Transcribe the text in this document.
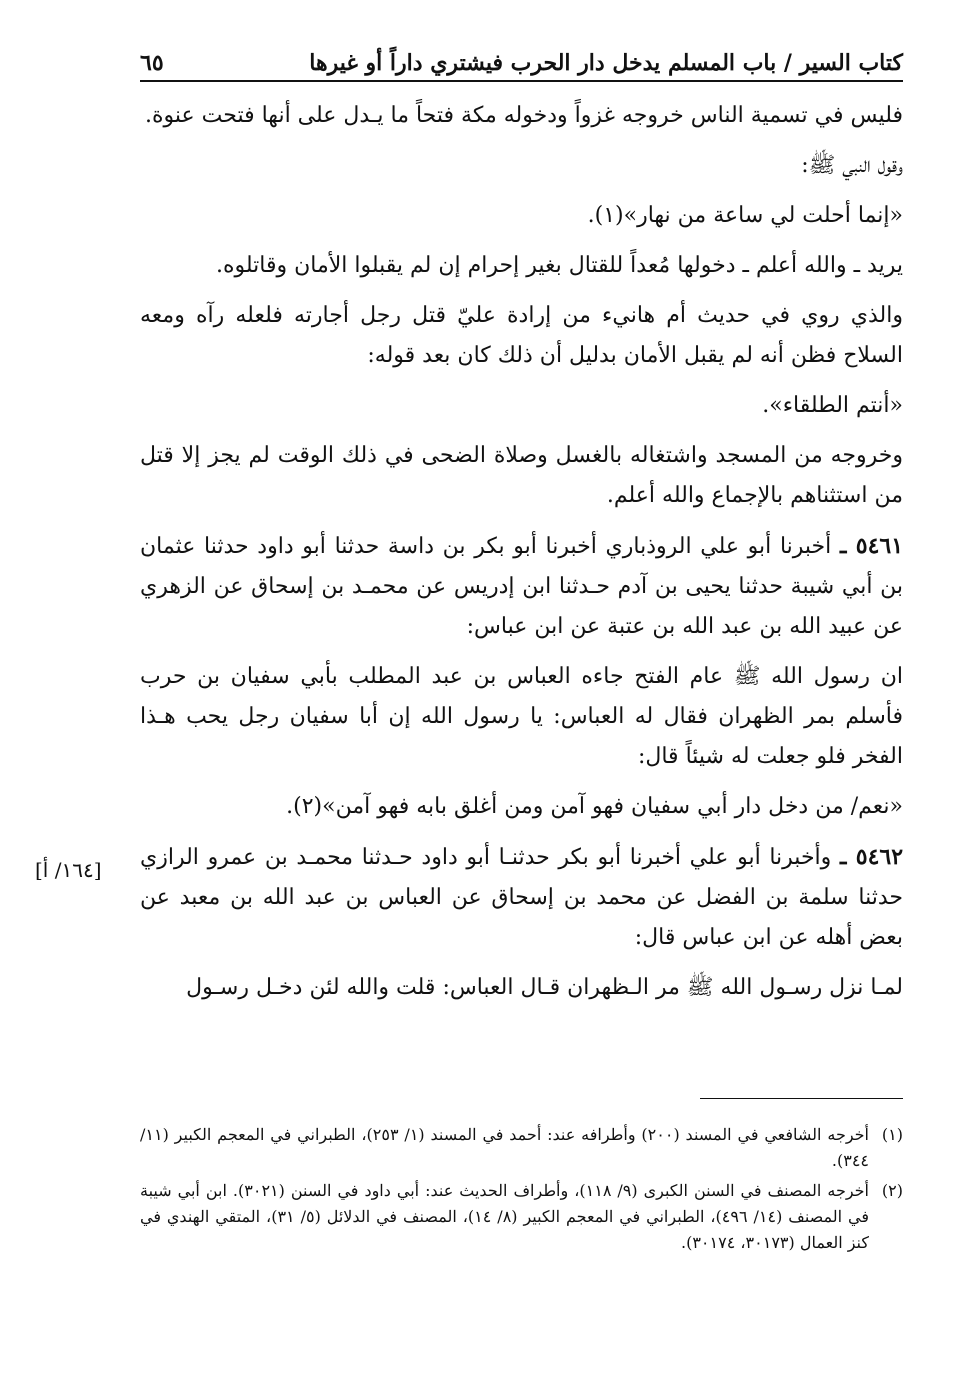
٦٥	كتاب السير / باب المسلم يدخل دار الحرب فيشتري داراً أو غيرها

فليس في تسمية الناس خروجه غزواً ودخوله مكة فتحاً ما يـدل على أنها فتحت عنوة.

وقول النبي ﷺ:

«إنما أحلت لي ساعة من نهار»(١).

يريد ـ والله أعلم ـ دخولها مُعداً للقتال بغير إحرام إن لم يقبلوا الأمان وقاتلوه.

والذي روي في حديث أم هانيء من إرادة عليّ قتل رجل أجارته فلعله رآه ومعه السلاح فظن أنه لم يقبل الأمان بدليل أن ذلك كان بعد قوله:

«أنتم الطلقاء».

وخروجه من المسجد واشتغاله بالغسل وصلاة الضحى في ذلك الوقت لم يجز إلا قتل من استثناهم بالإجماع والله أعلم.

٥٤٦١ ـ أخبرنا أبو علي الروذباري أخبرنا أبو بكر بن داسة حدثنا أبو داود حدثنا عثمان بن أبي شيبة حدثنا يحيى بن آدم حـدثنا ابن إدريس عن محمـد بن إسحاق عن الزهري عن عبيد الله بن عبد الله بن عتبة عن ابن عباس:

ان رسول الله ﷺ عام الفتح جاءه العباس بن عبد المطلب بأبي سفيان بن حرب فأسلم بمر الظهران فقال له العباس: يا رسول الله إن أبا سفيان رجل يحب هـذا الفخر فلو جعلت له شيئاً قال:

«نعم/ من دخل دار أبي سفيان فهو آمن ومن أغلق بابه فهو آمن»(٢).

٥٤٦٢ ـ وأخبرنا أبو علي أخبرنا أبو بكر حدثنـا أبو داود حـدثنا محمـد بن عمرو الرازي حدثنا سلمة بن الفضل عن محمد بن إسحاق عن العباس بن عبد الله بن معبد عن بعض أهله عن ابن عباس قال:

لمـا نزل رسـول الله ﷺ مر الـظهران قـال العباس: قلت والله لئن دخـل رسـول

[١٦٤/ أ]
(١)
أخرجه الشافعي في المسند (٢٠٠) وأطرافه عند: أحمد في المسند (١/ ٢٥٣)، الطبراني في المعجم الكبير (١١/ ٣٤٤).
(٢)
أخرجه المصنف في السنن الكبرى (٩/ ١١٨)، وأطراف الحديث عند: أبي داود في السنن (٣٠٢١). ابن أبي شيبة في المصنف (١٤/ ٤٩٦)، الطبراني في المعجم الكبير (٨/ ١٤)، المصنف في الدلائل (٥/ ٣١)، المتقي الهندي في كنز العمال (٣٠١٧٣، ٣٠١٧٤).
